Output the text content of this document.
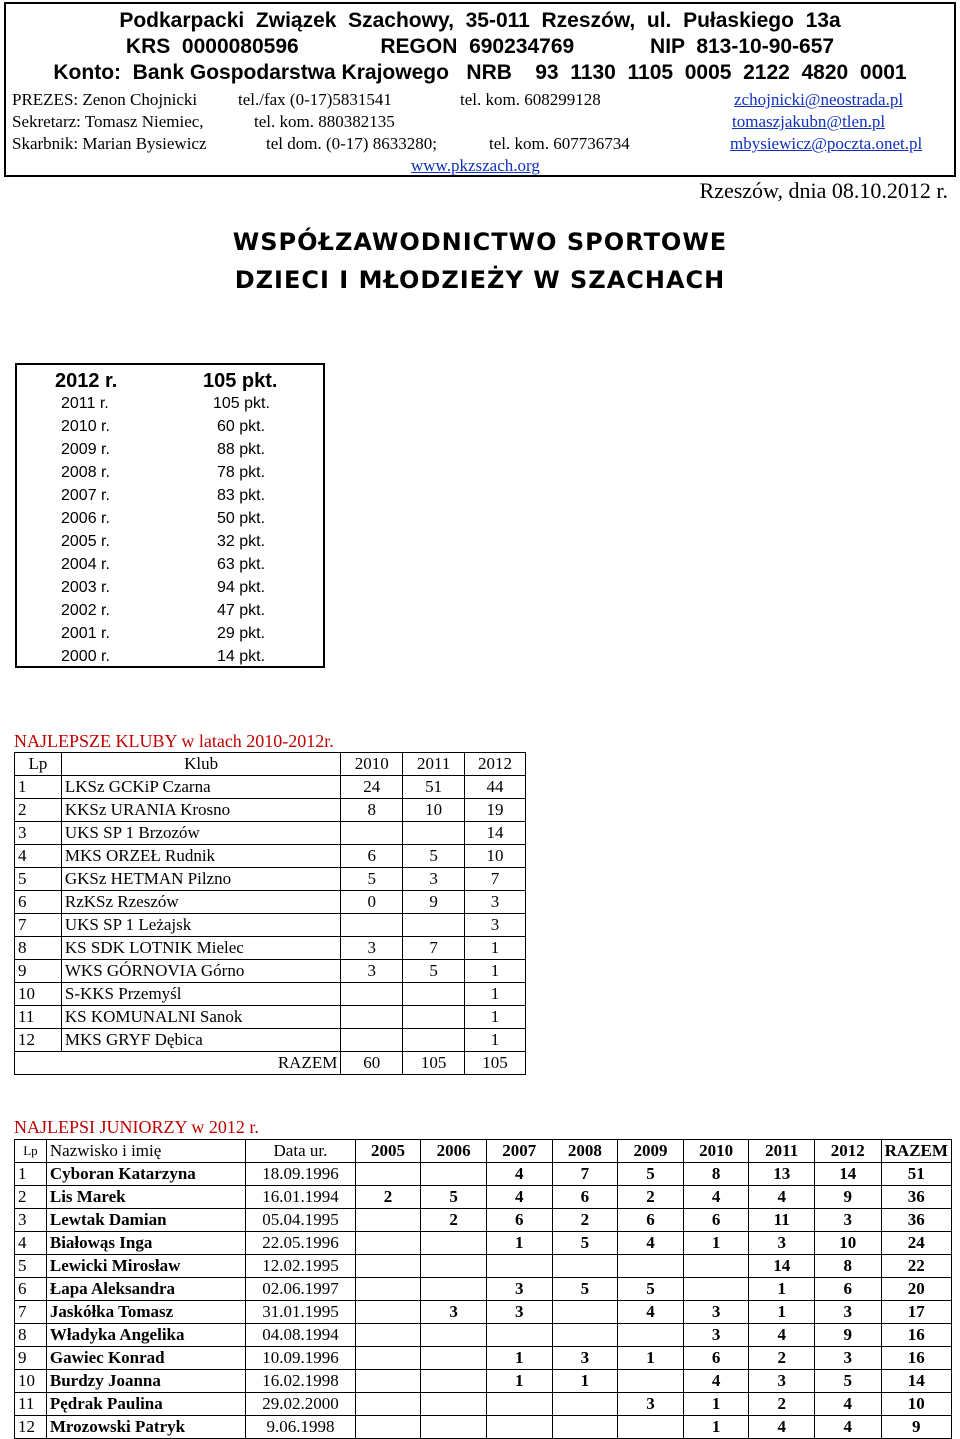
Podkarpacki  Związek  Szachowy,  35-011  Rzeszów,  ul.  Pułaskiego  13a
KRS  0000080596              REGON  690234769             NIP  813-10-90-657
Konto:  Bank Gospodarstwa Krajowego   NRB    93  1130  1105  0005  2122  4820  0001
PREZES: Zenon Chojnicki tel./fax (0-17)5831541	tel. kom. 608299128	zchojnicki@neostrada.pl
Sekretarz: Tomasz Niemiec,	tel. kom. 880382135	tomaszjakubn@tlen.pl
Skarbnik: Marian Bysiewicz	tel dom. (0-17) 8633280;	tel. kom. 607736734	mbysiewicz@poczta.onet.pl
www.pkzszach.org
Rzeszów, dnia 08.10.2012 r.
WSPÓŁZAWODNICTWO SPORTOWE
DZIECI I MŁODZIEŻY W SZACHACH
2012 r.	105 pkt.
2011 r.	105 pkt.
2010 r.	60 pkt.
2009 r.	88 pkt.
2008 r.	78 pkt.
2007 r.	83 pkt.
2006 r.	50 pkt.
2005 r.	32 pkt.
2004 r.	63 pkt.
2003 r.	94 pkt.
2002 r.	47 pkt.
2001 r.	29 pkt.
2000 r.	14 pkt.
NAJLEPSZE KLUBY w latach 2010-2012r.
Lp	Klub	2010	2011	2012
1	LKSz GCKiP Czarna	24	51	44
2	KKSz URANIA Krosno	8	10	19
3	UKS SP 1 Brzozów			14
4	MKS ORZEŁ Rudnik	6	5	10
5	GKSz HETMAN Pilzno	5	3	7
6	RzKSz Rzeszów	0	9	3
7	UKS SP 1 Leżajsk			3
8	KS SDK LOTNIK Mielec	3	7	1
9	WKS GÓRNOVIA Górno	3	5	1
10	S-KKS Przemyśl			1
11	KS KOMUNALNI Sanok			1
12	MKS GRYF Dębica			1
	RAZEM	60	105	105
NAJLEPSI JUNIORZY w 2012 r.
Lp	Nazwisko i imię	Data ur.	2005	2006	2007	2008	2009	2010	2011	2012	RAZEM
1	Cyboran Katarzyna	18.09.1996			4	7	5	8	13	14	51
2	Lis Marek	16.01.1994	2	5	4	6	2	4	4	9	36
3	Lewtak Damian	05.04.1995		2	6	2	6	6	11	3	36
4	Białowąs Inga	22.05.1996			1	5	4	1	3	10	24
5	Lewicki Mirosław	12.02.1995							14	8	22
6	Łapa Aleksandra	02.06.1997			3	5	5		1	6	20
7	Jaskółka Tomasz	31.01.1995		3	3		4	3	1	3	17
8	Władyka Angelika	04.08.1994						3	4	9	16
9	Gawiec Konrad	10.09.1996			1	3	1	6	2	3	16
10	Burdzy Joanna	16.02.1998			1	1		4	3	5	14
11	Pędrak Paulina	29.02.2000					3	1	2	4	10
12	Mrozowski Patryk	9.06.1998						1	4	4	9
